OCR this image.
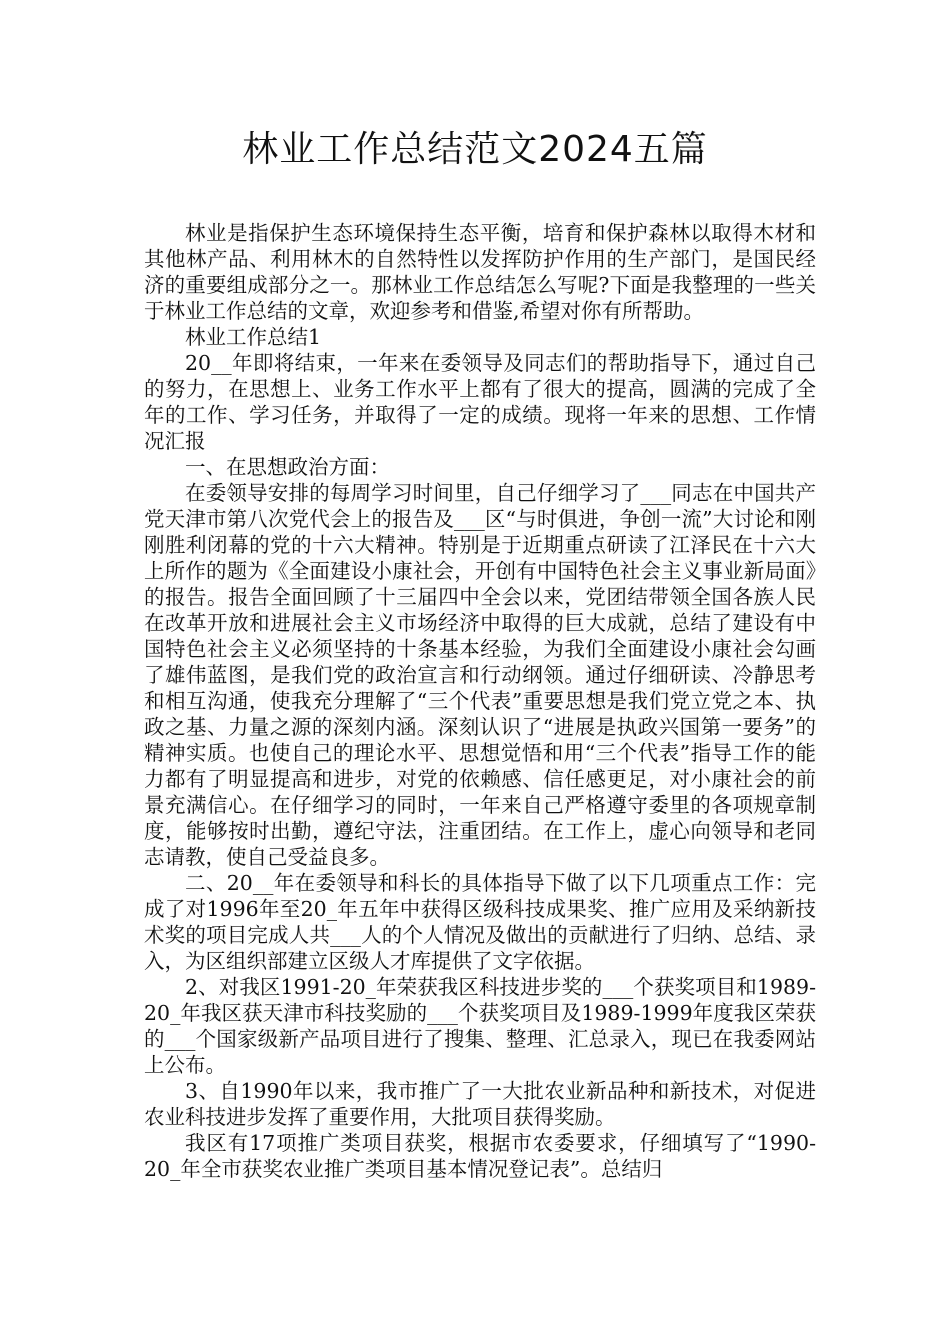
林业工作总结范文2024五篇

林业是指保护生态环境保持生态平衡，培育和保护森林以取得木材和其他林产品、利用林木的自然特性以发挥防护作用的生产部门，是国民经济的重要组成部分之一。那林业工作总结怎么写呢?下面是我整理的一些关于林业工作总结的文章，欢迎参考和借鉴,希望对你有所帮助。

林业工作总结1

20__年即将结束，一年来在委领导及同志们的帮助指导下，通过自己的努力，在思想上、业务工作水平上都有了很大的提高，圆满的完成了全年的工作、学习任务，并取得了一定的成绩。现将一年来的思想、工作情况汇报

一、在思想政治方面：

在委领导安排的每周学习时间里，自己仔细学习了___同志在中国共产党天津市第八次党代会上的报告及___区“与时俱进，争创一流”大讨论和刚刚胜利闭幕的党的十六大精神。特别是于近期重点研读了江泽民在十六大上所作的题为《全面建设小康社会，开创有中国特色社会主义事业新局面》的报告。报告全面回顾了十三届四中全会以来，党团结带领全国各族人民在改革开放和进展社会主义市场经济中取得的巨大成就，总结了建设有中国特色社会主义必须坚持的十条基本经验，为我们全面建设小康社会勾画了雄伟蓝图，是我们党的政治宣言和行动纲领。通过仔细研读、冷静思考和相互沟通，使我充分理解了“三个代表”重要思想是我们党立党之本、执政之基、力量之源的深刻内涵。深刻认识了“进展是执政兴国第一要务”的精神实质。也使自己的理论水平、思想觉悟和用“三个代表”指导工作的能力都有了明显提高和进步，对党的依赖感、信任感更足，对小康社会的前景充满信心。在仔细学习的同时，一年来自己严格遵守委里的各项规章制度，能够按时出勤，遵纪守法，注重团结。在工作上，虚心向领导和老同志请教，使自己受益良多。

二、20__年在委领导和科长的具体指导下做了以下几项重点工作：完成了对1996年至20_年五年中获得区级科技成果奖、推广应用及采纳新技术奖的项目完成人共___人的个人情况及做出的贡献进行了归纳、总结、录入，为区组织部建立区级人才库提供了文字依据。

2、对我区1991-20_年荣获我区科技进步奖的___个获奖项目和1989-20_年我区获天津市科技奖励的___个获奖项目及1989-1999年度我区荣获的___个国家级新产品项目进行了搜集、整理、汇总录入，现已在我委网站上公布。

3、自1990年以来，我市推广了一大批农业新品种和新技术，对促进农业科技进步发挥了重要作用，大批项目获得奖励。

我区有17项推广类项目获奖，根据市农委要求，仔细填写了“1990-20_年全市获奖农业推广类项目基本情况登记表”。总结归
